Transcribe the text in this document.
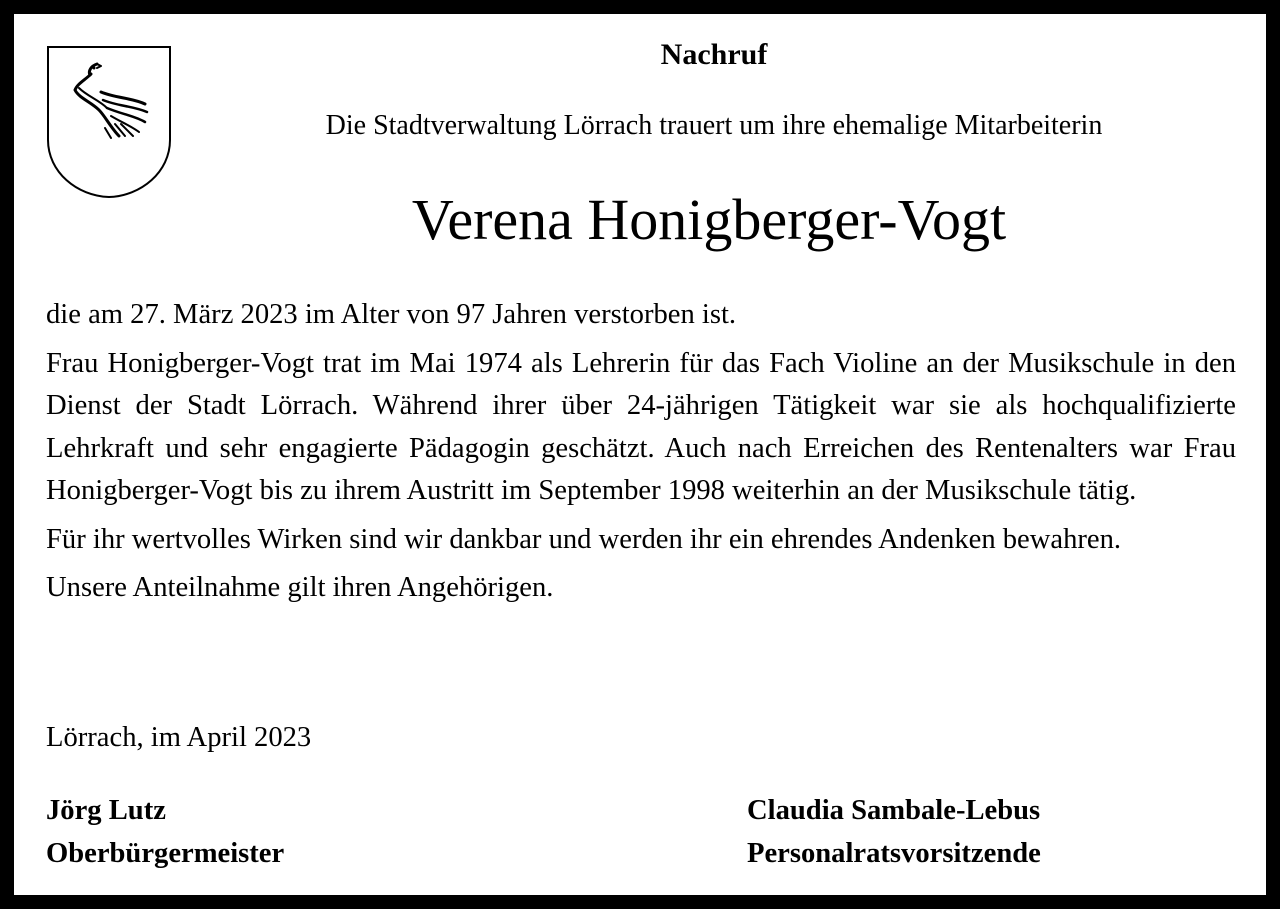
Nachruf
Die Stadtverwaltung Lörrach trauert um ihre ehemalige Mitarbeiterin
Verena Honigberger-Vogt

die am 27. März 2023 im Alter von 97 Jahren verstorben ist.

Frau Honigberger-Vogt trat im Mai 1974 als Lehrerin für das Fach Violine an der Musikschule in den Dienst der Stadt Lörrach. Während ihrer über 24-jährigen Tätigkeit war sie als hochqualifizierte Lehrkraft und sehr engagierte Pädagogin geschätzt. Auch nach Erreichen des Rentenalters war Frau Honigberger-Vogt bis zu ihrem Austritt im September 1998 weiterhin an der Musikschule tätig.

Für ihr wertvolles Wirken sind wir dankbar und werden ihr ein ehrendes Andenken bewahren.

Unsere Anteilnahme gilt ihren Angehörigen.

Lörrach, im April 2023
Jörg Lutz
Oberbürgermeister
Claudia Sambale-Lebus
Personalratsvorsitzende
